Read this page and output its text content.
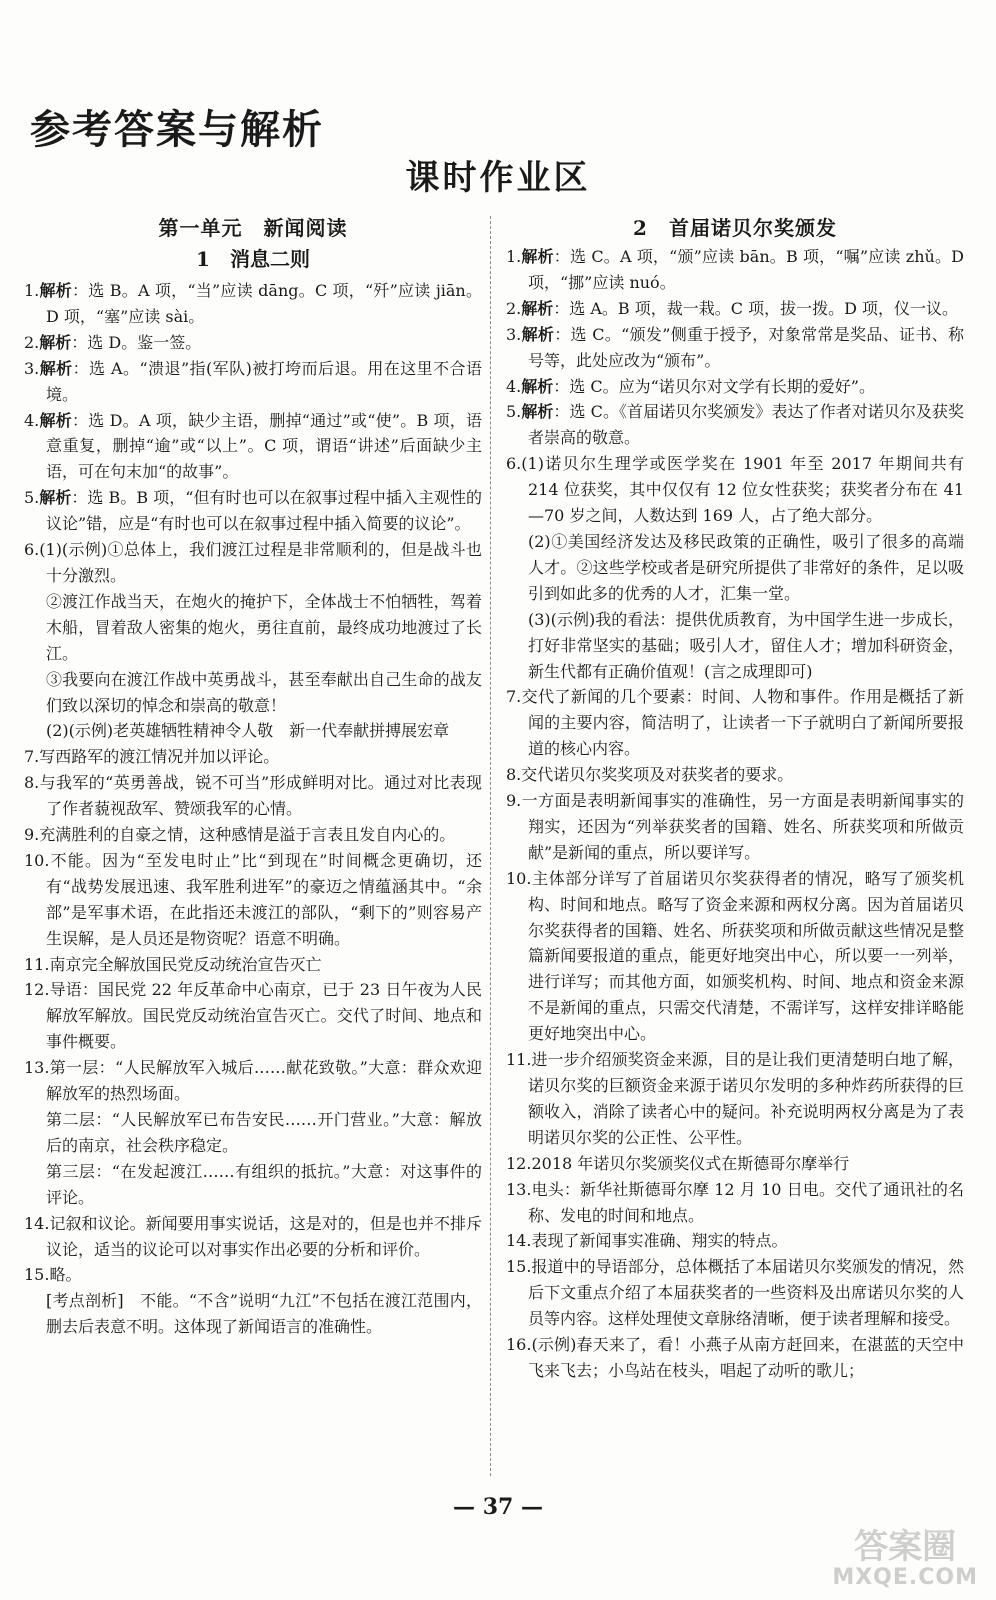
参考答案与解析
课时作业区
第一单元　新闻阅读
1　消息二则
1.解析：选 B。A 项，“当”应读 dāng。C 项，“歼”应读 jiān。D 项，“塞”应读 sài。
2.解析：选 D。鉴一签。
3.解析：选 A。“溃退”指(军队)被打垮而后退。用在这里不合语境。
4.解析：选 D。A 项，缺少主语，删掉“通过”或“使”。B 项，语意重复，删掉“逾”或“以上”。C 项，谓语“讲述”后面缺少主语，可在句末加“的故事”。
5.解析：选 B。B 项，“但有时也可以在叙事过程中插入主观性的议论”错，应是“有时也可以在叙事过程中插入简要的议论”。
6.(1)(示例)①总体上，我们渡江过程是非常顺利的，但是战斗也十分激烈。
②渡江作战当天，在炮火的掩护下，全体战士不怕牺牲，驾着木船，冒着敌人密集的炮火，勇往直前，最终成功地渡过了长江。
③我要向在渡江作战中英勇战斗，甚至奉献出自己生命的战友们致以深切的悼念和崇高的敬意！
(2)(示例)老英雄牺牲精神令人敬　新一代奉献拼搏展宏章
7.写西路军的渡江情况并加以评论。
8.与我军的“英勇善战，锐不可当”形成鲜明对比。通过对比表现了作者藐视敌军、赞颂我军的心情。
9.充满胜利的自豪之情，这种感情是溢于言表且发自内心的。
10.不能。因为“至发电时止”比“到现在”时间概念更确切，还有“战势发展迅速、我军胜利进军”的豪迈之情蕴涵其中。“余部”是军事术语，在此指还未渡江的部队，“剩下的”则容易产生误解，是人员还是物资呢？语意不明确。
11.南京完全解放国民党反动统治宣告灭亡
12.导语：国民党 22 年反革命中心南京，已于 23 日午夜为人民解放军解放。国民党反动统治宣告灭亡。交代了时间、地点和事件概要。
13.第一层：“人民解放军入城后……献花致敬。”大意：群众欢迎解放军的热烈场面。
第二层：“人民解放军已布告安民……开门营业。”大意：解放后的南京，社会秩序稳定。
第三层：“在发起渡江……有组织的抵抗。”大意：对这事件的评论。
14.记叙和议论。新闻要用事实说话，这是对的，但是也并不排斥议论，适当的议论可以对事实作出必要的分析和评价。
15.略。
[考点剖析]　不能。“不含”说明“九江”不包括在渡江范围内，删去后表意不明。这体现了新闻语言的准确性。
2　首届诺贝尔奖颁发
1.解析：选 C。A 项，“颁”应读 bān。B 项，“嘱”应读 zhǔ。D 项，“挪”应读 nuó。
2.解析：选 A。B 项，裁一栽。C 项，拔一拨。D 项，仪一议。
3.解析：选 C。“颁发”侧重于授予，对象常常是奖品、证书、称号等，此处应改为“颁布”。
4.解析：选 C。应为“诺贝尔对文学有长期的爱好”。
5.解析：选 C。《首届诺贝尔奖颁发》表达了作者对诺贝尔及获奖者崇高的敬意。
6.(1)诺贝尔生理学或医学奖在 1901 年至 2017 年期间共有 214 位获奖，其中仅仅有 12 位女性获奖；获奖者分布在 41—70 岁之间，人数达到 169 人，占了绝大部分。
(2)①美国经济发达及移民政策的正确性，吸引了很多的高端人才。②这些学校或者是研究所提供了非常好的条件，足以吸引到如此多的优秀的人才，汇集一堂。
(3)(示例)我的看法：提供优质教育，为中国学生进一步成长，打好非常坚实的基础；吸引人才，留住人才；增加科研资金，新生代都有正确价值观！(言之成理即可)
7.交代了新闻的几个要素：时间、人物和事件。作用是概括了新闻的主要内容，简洁明了，让读者一下子就明白了新闻所要报道的核心内容。
8.交代诺贝尔奖奖项及对获奖者的要求。
9.一方面是表明新闻事实的准确性，另一方面是表明新闻事实的翔实，还因为“列举获奖者的国籍、姓名、所获奖项和所做贡献”是新闻的重点，所以要详写。
10.主体部分详写了首届诺贝尔奖获得者的情况，略写了颁奖机构、时间和地点。略写了资金来源和两权分离。因为首届诺贝尔奖获得者的国籍、姓名、所获奖项和所做贡献这些情况是整篇新闻要报道的重点，能更好地突出中心，所以要一一列举，进行详写；而其他方面，如颁奖机构、时间、地点和资金来源不是新闻的重点，只需交代清楚，不需详写，这样安排详略能更好地突出中心。
11.进一步介绍颁奖资金来源，目的是让我们更清楚明白地了解，诺贝尔奖的巨额资金来源于诺贝尔发明的多种炸药所获得的巨额收入，消除了读者心中的疑问。补充说明两权分离是为了表明诺贝尔奖的公正性、公平性。
12.2018 年诺贝尔奖颁奖仪式在斯德哥尔摩举行
13.电头：新华社斯德哥尔摩 12 月 10 日电。交代了通讯社的名称、发电的时间和地点。
14.表现了新闻事实准确、翔实的特点。
15.报道中的导语部分，总体概括了本届诺贝尔奖颁发的情况，然后下文重点介绍了本届获奖者的一些资料及出席诺贝尔奖的人员等内容。这样处理使文章脉络清晰，便于读者理解和接受。
16.(示例)春天来了，看！小燕子从南方赶回来，在湛蓝的天空中飞来飞去；小鸟站在枝头，唱起了动听的歌儿；
— 37 —
答案圈
MXQE.COM
